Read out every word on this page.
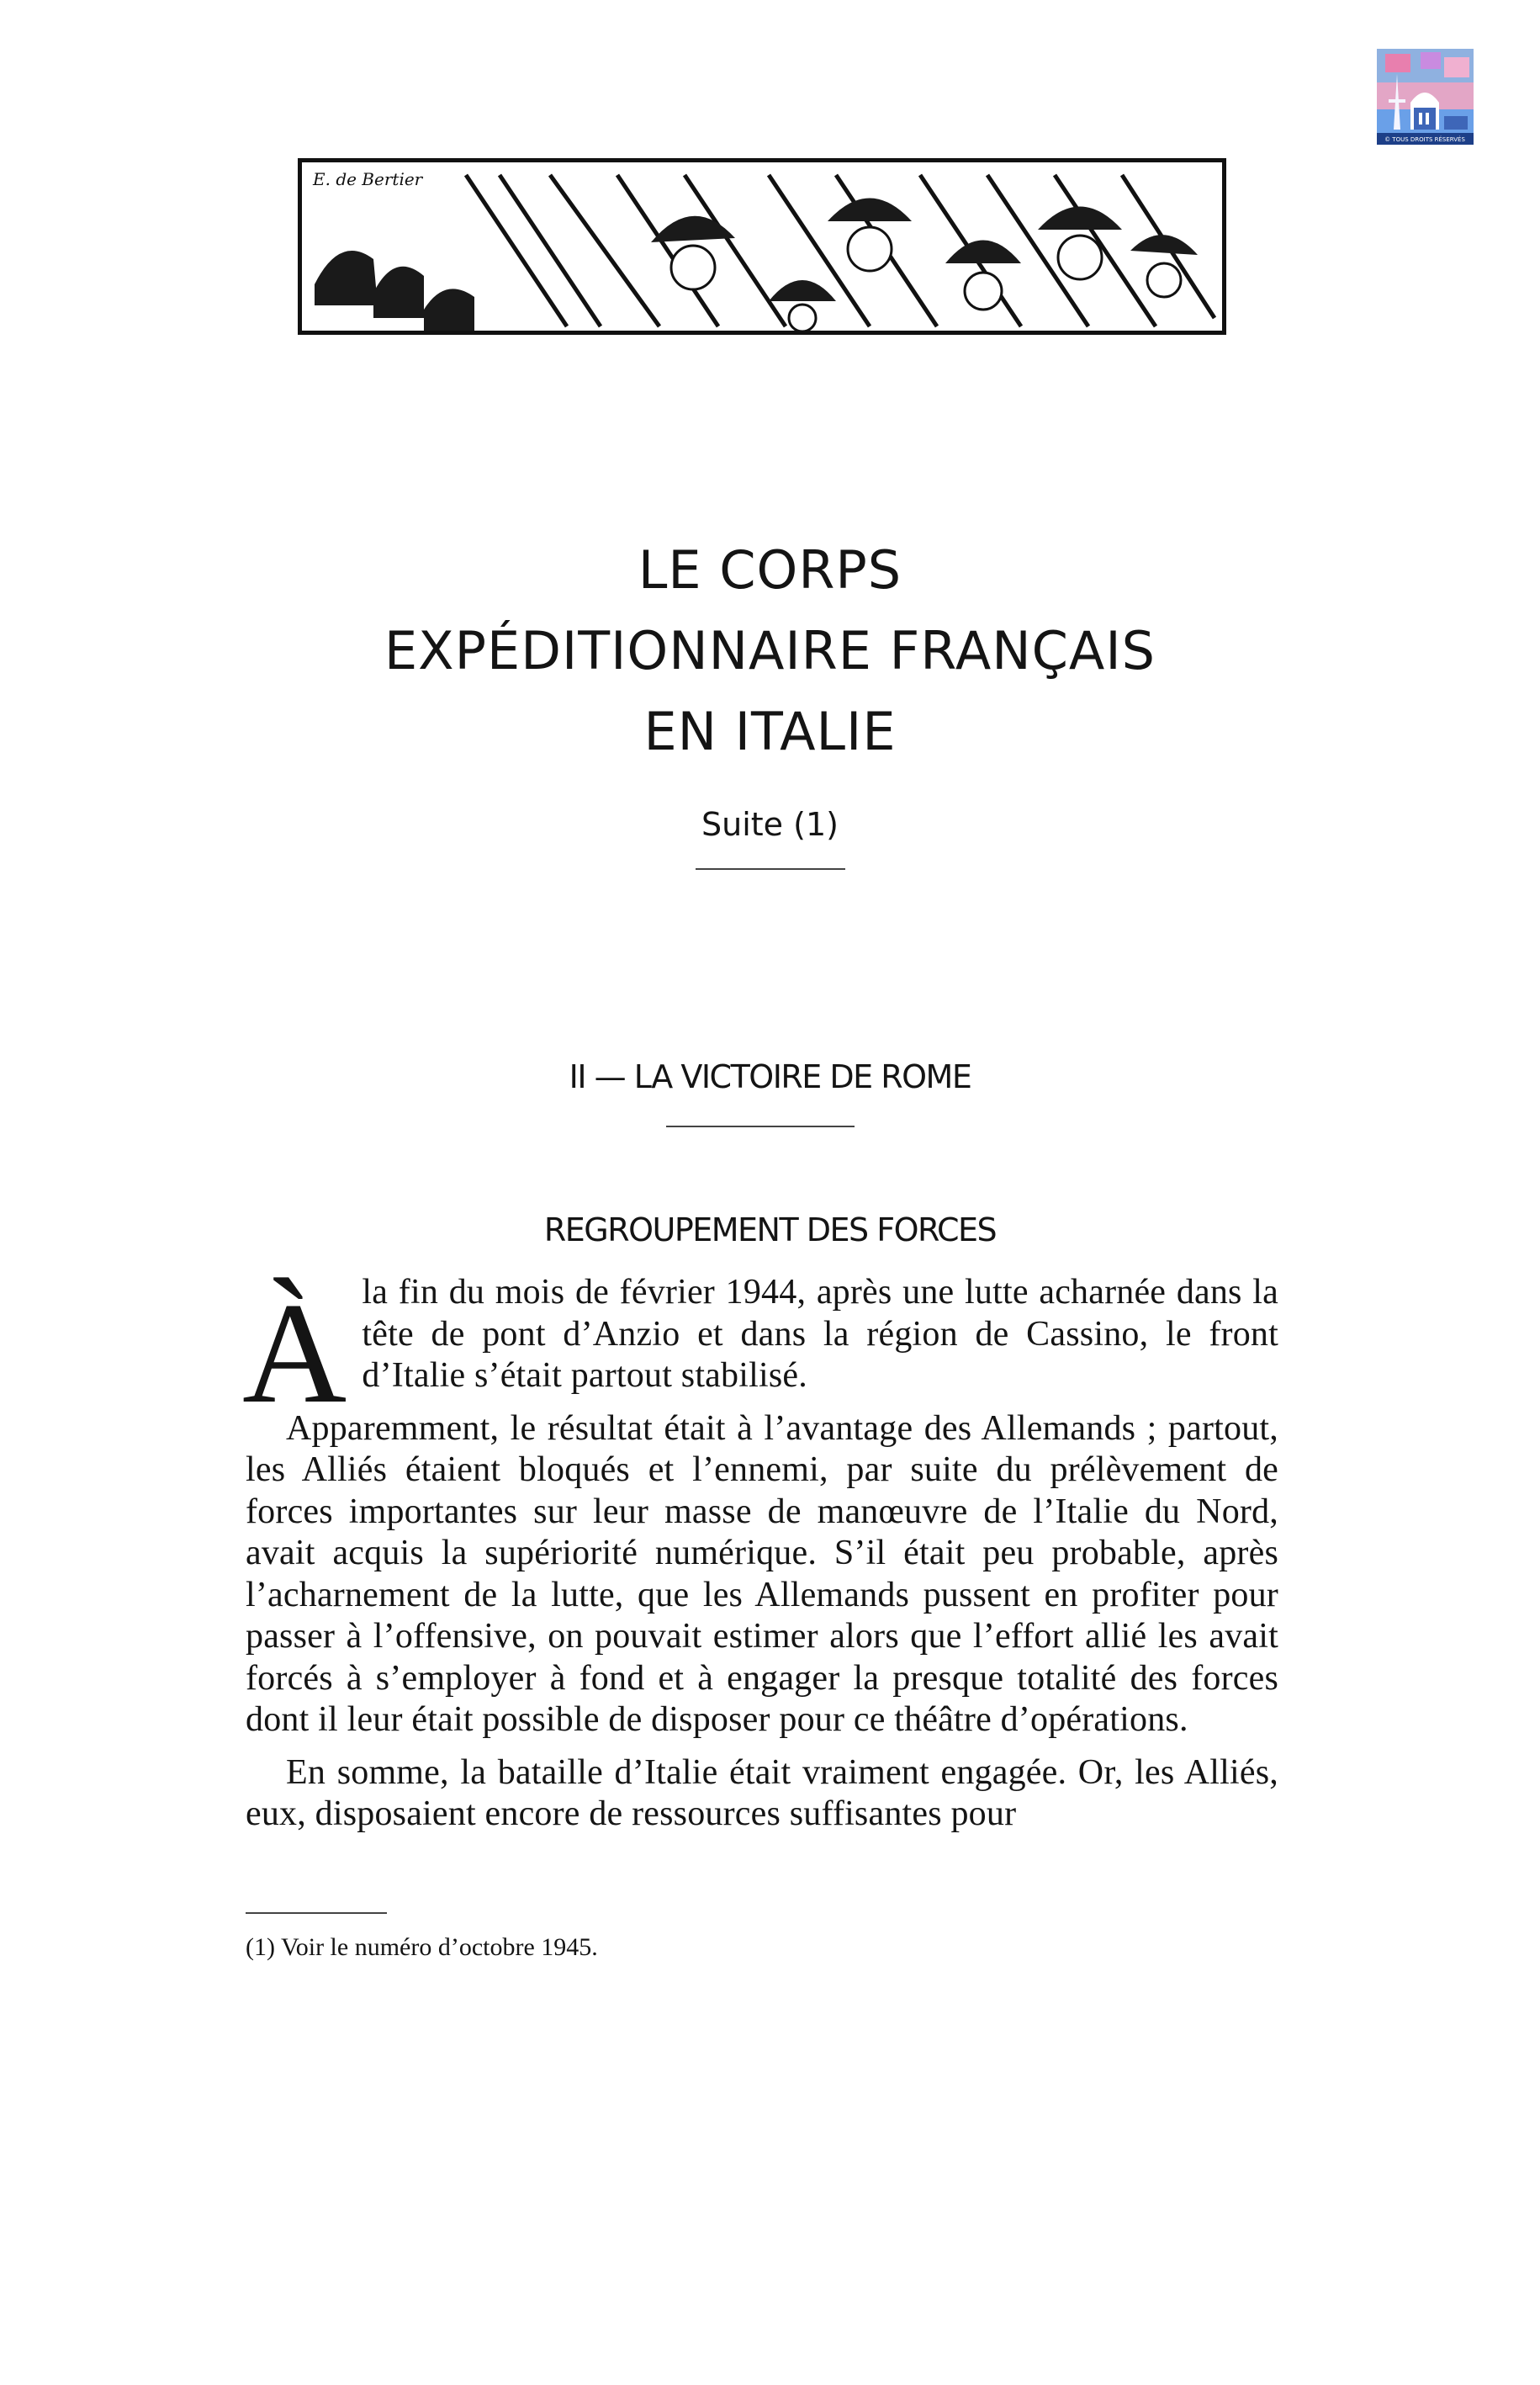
© TOUS DROITS RÉSERVÉS
E. de Bertier
LE CORPS
EXPÉDITIONNAIRE FRANÇAIS
EN ITALIE
Suite (1)
II — LA VICTOIRE DE ROME
REGROUPEMENT DES FORCES

À la fin du mois de février 1944, après une lutte acharnée dans la tête de pont d’Anzio et dans la région de Cassino, le front d’Italie s’était partout stabilisé.

Apparemment, le résultat était à l’avantage des Allemands ; partout, les Alliés étaient bloqués et l’ennemi, par suite du prélèvement de forces importantes sur leur masse de manœuvre de l’Italie du Nord, avait acquis la supériorité numérique. S’il était peu probable, après l’acharnement de la lutte, que les Allemands pussent en profiter pour passer à l’offensive, on pouvait estimer alors que l’effort allié les avait forcés à s’employer à fond et à engager la presque totalité des forces dont il leur était possible de disposer pour ce théâtre d’opérations.

En somme, la bataille d’Italie était vraiment engagée. Or, les Alliés, eux, disposaient encore de ressources suffisantes pour

(1) Voir le numéro d’octobre 1945.
